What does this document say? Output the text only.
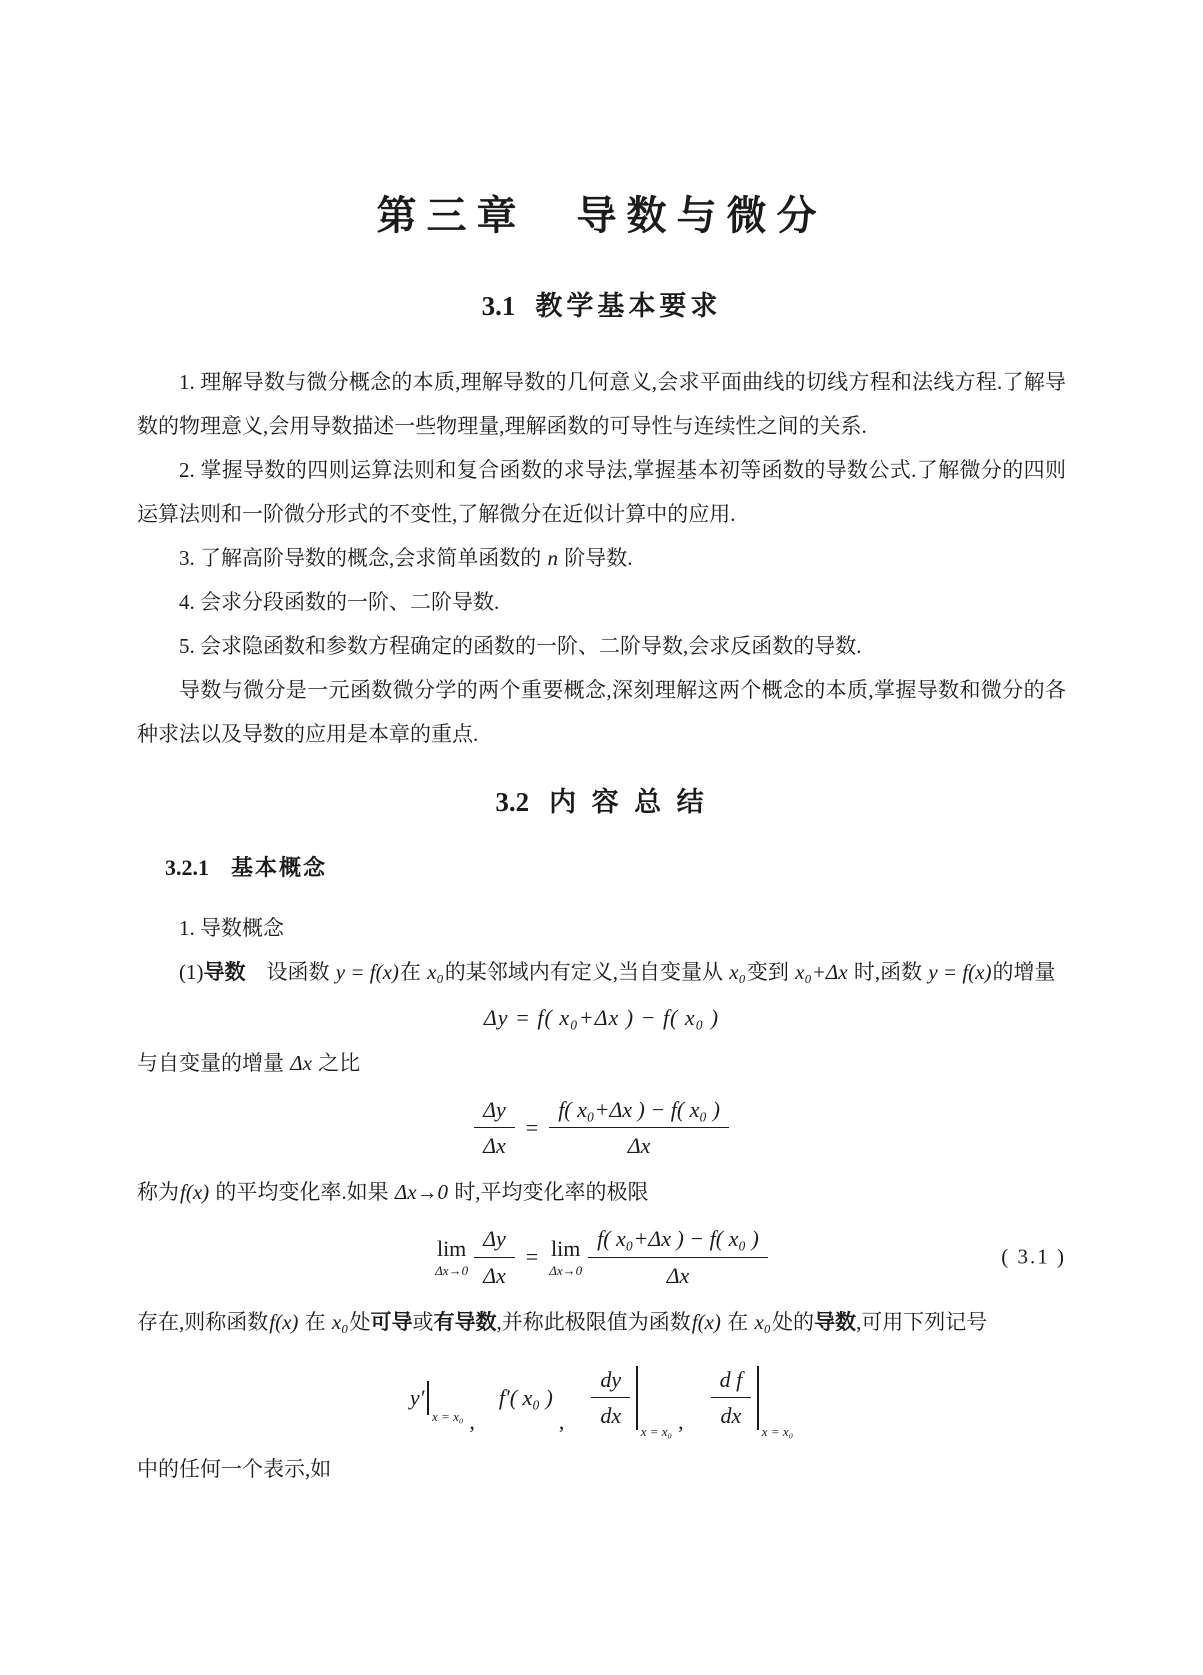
第三章　导数与微分
3.1 教学基本要求

1. 理解导数与微分概念的本质,理解导数的几何意义,会求平面曲线的切线方程和法线方程.了解导数的物理意义,会用导数描述一些物理量,理解函数的可导性与连续性之间的关系.

2. 掌握导数的四则运算法则和复合函数的求导法,掌握基本初等函数的导数公式.了解微分的四则运算法则和一阶微分形式的不变性,了解微分在近似计算中的应用.

3. 了解高阶导数的概念,会求简单函数的 n 阶导数.

4. 会求分段函数的一阶、二阶导数.

5. 会求隐函数和参数方程确定的函数的一阶、二阶导数,会求反函数的导数.

导数与微分是一元函数微分学的两个重要概念,深刻理解这两个概念的本质,掌握导数和微分的各种求法以及导数的应用是本章的重点.

3.2 内 容 总 结
3.2.1 基本概念

1. 导数概念

(1)导数　设函数 y = f(x)在 x₀的某邻域内有定义,当自变量从 x₀变到 x₀+Δx 时,函数 y = f(x)的增量

Δy = f( x₀+Δx ) − f( x₀ )

与自变量的增量 Δx 之比

$\frac{\Delta y}{\Delta x} = \frac{\text{f( x₀+Δx ) − f( x₀ )}}{\Delta x}$

称为f(x) 的平均变化率.如果 Δx→0 时,平均变化率的极限

lim
$\Delta x\to 0 \frac{\Delta y}{\Delta x} = \lim$
$\Delta x\to 0 \frac{\text{f( x₀+Δx ) − f( x₀ )}}{\Delta x}$	( 3.1 )

存在,则称函数f(x) 在 x₀处可导或有导数,并称此极限值为函数f(x) 在 x₀处的导数,可用下列记号

y′
x = x₀ ,
f′( x₀ )
, $\frac{dy}{dx}$
x = x₀ , $\frac{\text{d f}}{dx}$
x = x₀

中的任何一个表示,如
